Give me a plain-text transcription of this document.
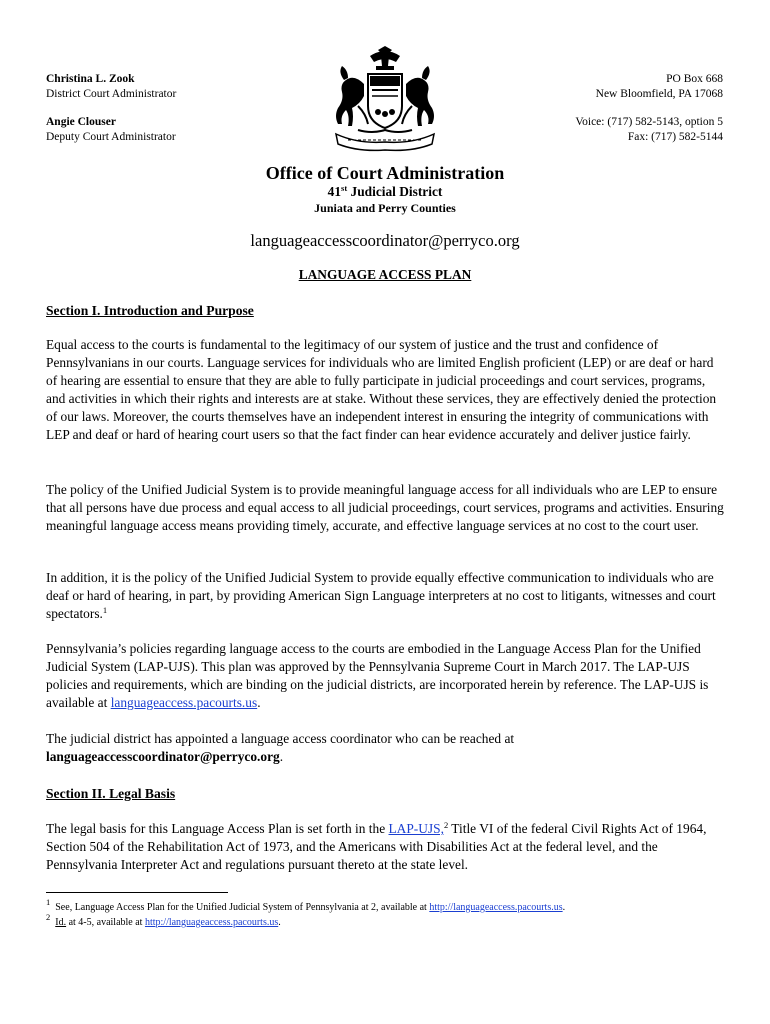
Christina L. Zook
District Court Administrator
Angie Clouser
Deputy Court Administrator
PO Box 668
New Bloomfield, PA 17068
Voice: (717) 582-5143, option 5
Fax: (717) 582-5144
Office of Court Administration
41st Judicial District
Juniata and Perry Counties
languageaccesscoordinator@perryco.org
LANGUAGE ACCESS PLAN
Section I. Introduction and Purpose
Equal access to the courts is fundamental to the legitimacy of our system of justice and the trust and confidence of Pennsylvanians in our courts. Language services for individuals who are limited English proficient (LEP) or are deaf or hard of hearing are essential to ensure that they are able to fully participate in judicial proceedings and court services, programs, and activities in which their rights and interests are at stake. Without these services, they are effectively denied the protection of our laws. Moreover, the courts themselves have an independent interest in ensuring the integrity of communications with LEP and deaf or hard of hearing court users so that the fact finder can hear evidence accurately and deliver justice fairly.
The policy of the Unified Judicial System is to provide meaningful language access for all individuals who are LEP to ensure that all persons have due process and equal access to all judicial proceedings, court services, programs and activities. Ensuring meaningful language access means providing timely, accurate, and effective language services at no cost to the court user.
In addition, it is the policy of the Unified Judicial System to provide equally effective communication to individuals who are deaf or hard of hearing, in part, by providing American Sign Language interpreters at no cost to litigants, witnesses and court spectators.$^1$
Pennsylvania’s policies regarding language access to the courts are embodied in the Language Access Plan for the Unified Judicial System (LAP-UJS). This plan was approved by the Pennsylvania Supreme Court in March 2017. The LAP-UJS policies and requirements, which are binding on the judicial districts, are incorporated herein by reference. The LAP-UJS is available at languageaccess.pacourts.us.
The judicial district has appointed a language access coordinator who can be reached at languageaccesscoordinator@perryco.org.
Section II. Legal Basis
The legal basis for this Language Access Plan is set forth in the LAP-UJS,$^2$ Title VI of the federal Civil Rights Act of 1964, Section 504 of the Rehabilitation Act of 1973, and the Americans with Disabilities Act at the federal level, and the Pennsylvania Interpreter Act and regulations pursuant thereto at the state level.
$^1$ See, Language Access Plan for the Unified Judicial System of Pennsylvania at 2, available at http://languageaccess.pacourts.us.
$^2$ Id. at 4-5, available at http://languageaccess.pacourts.us.
